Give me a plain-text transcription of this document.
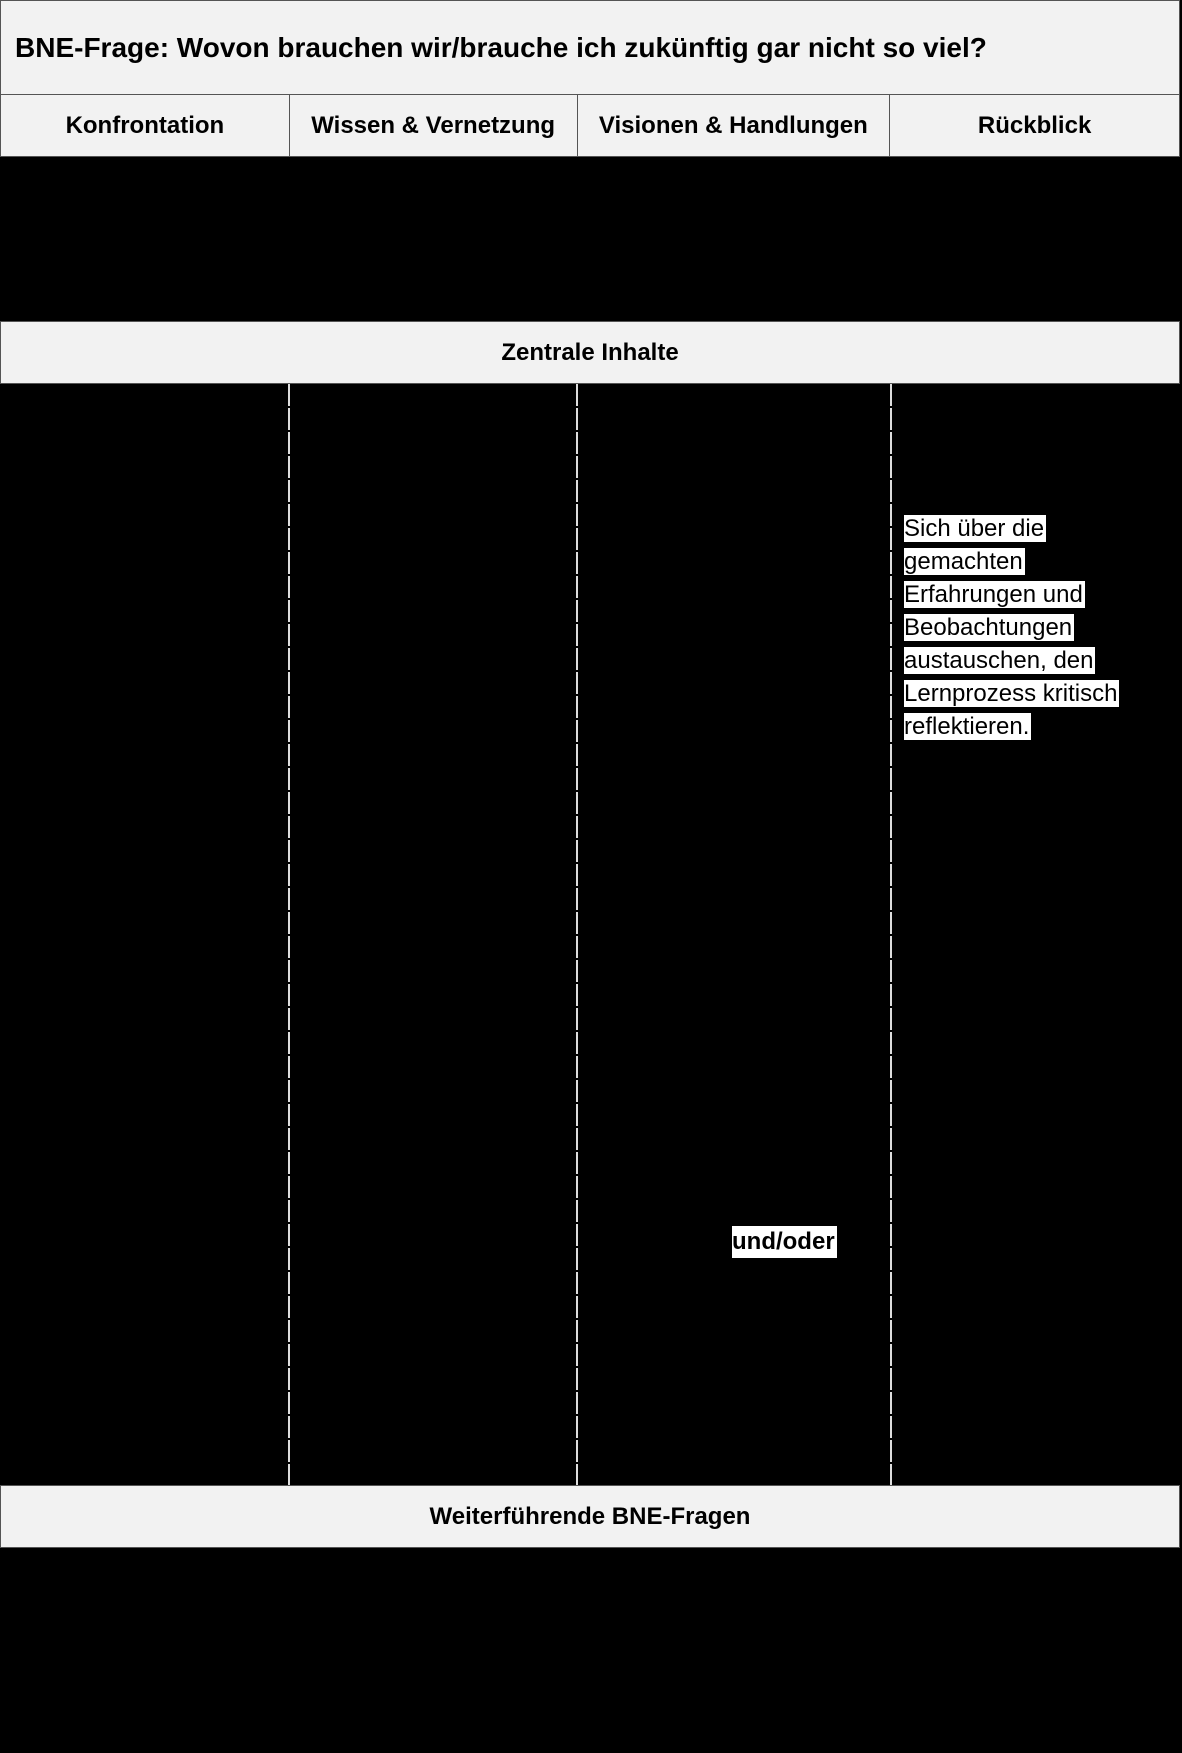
BNE-Frage: Wovon brauchen wir/brauche ich zukünftig gar nicht so viel?
Konfrontation	Wissen & Vernetzung	Visionen & Handlungen	Rückblick
Zentrale Inhalte
Sich über die gemachten Erfahrungen und Beobachtungen austauschen, den Lernprozess kritisch reflektieren.
und/oder
Weiterführende BNE-Fragen
